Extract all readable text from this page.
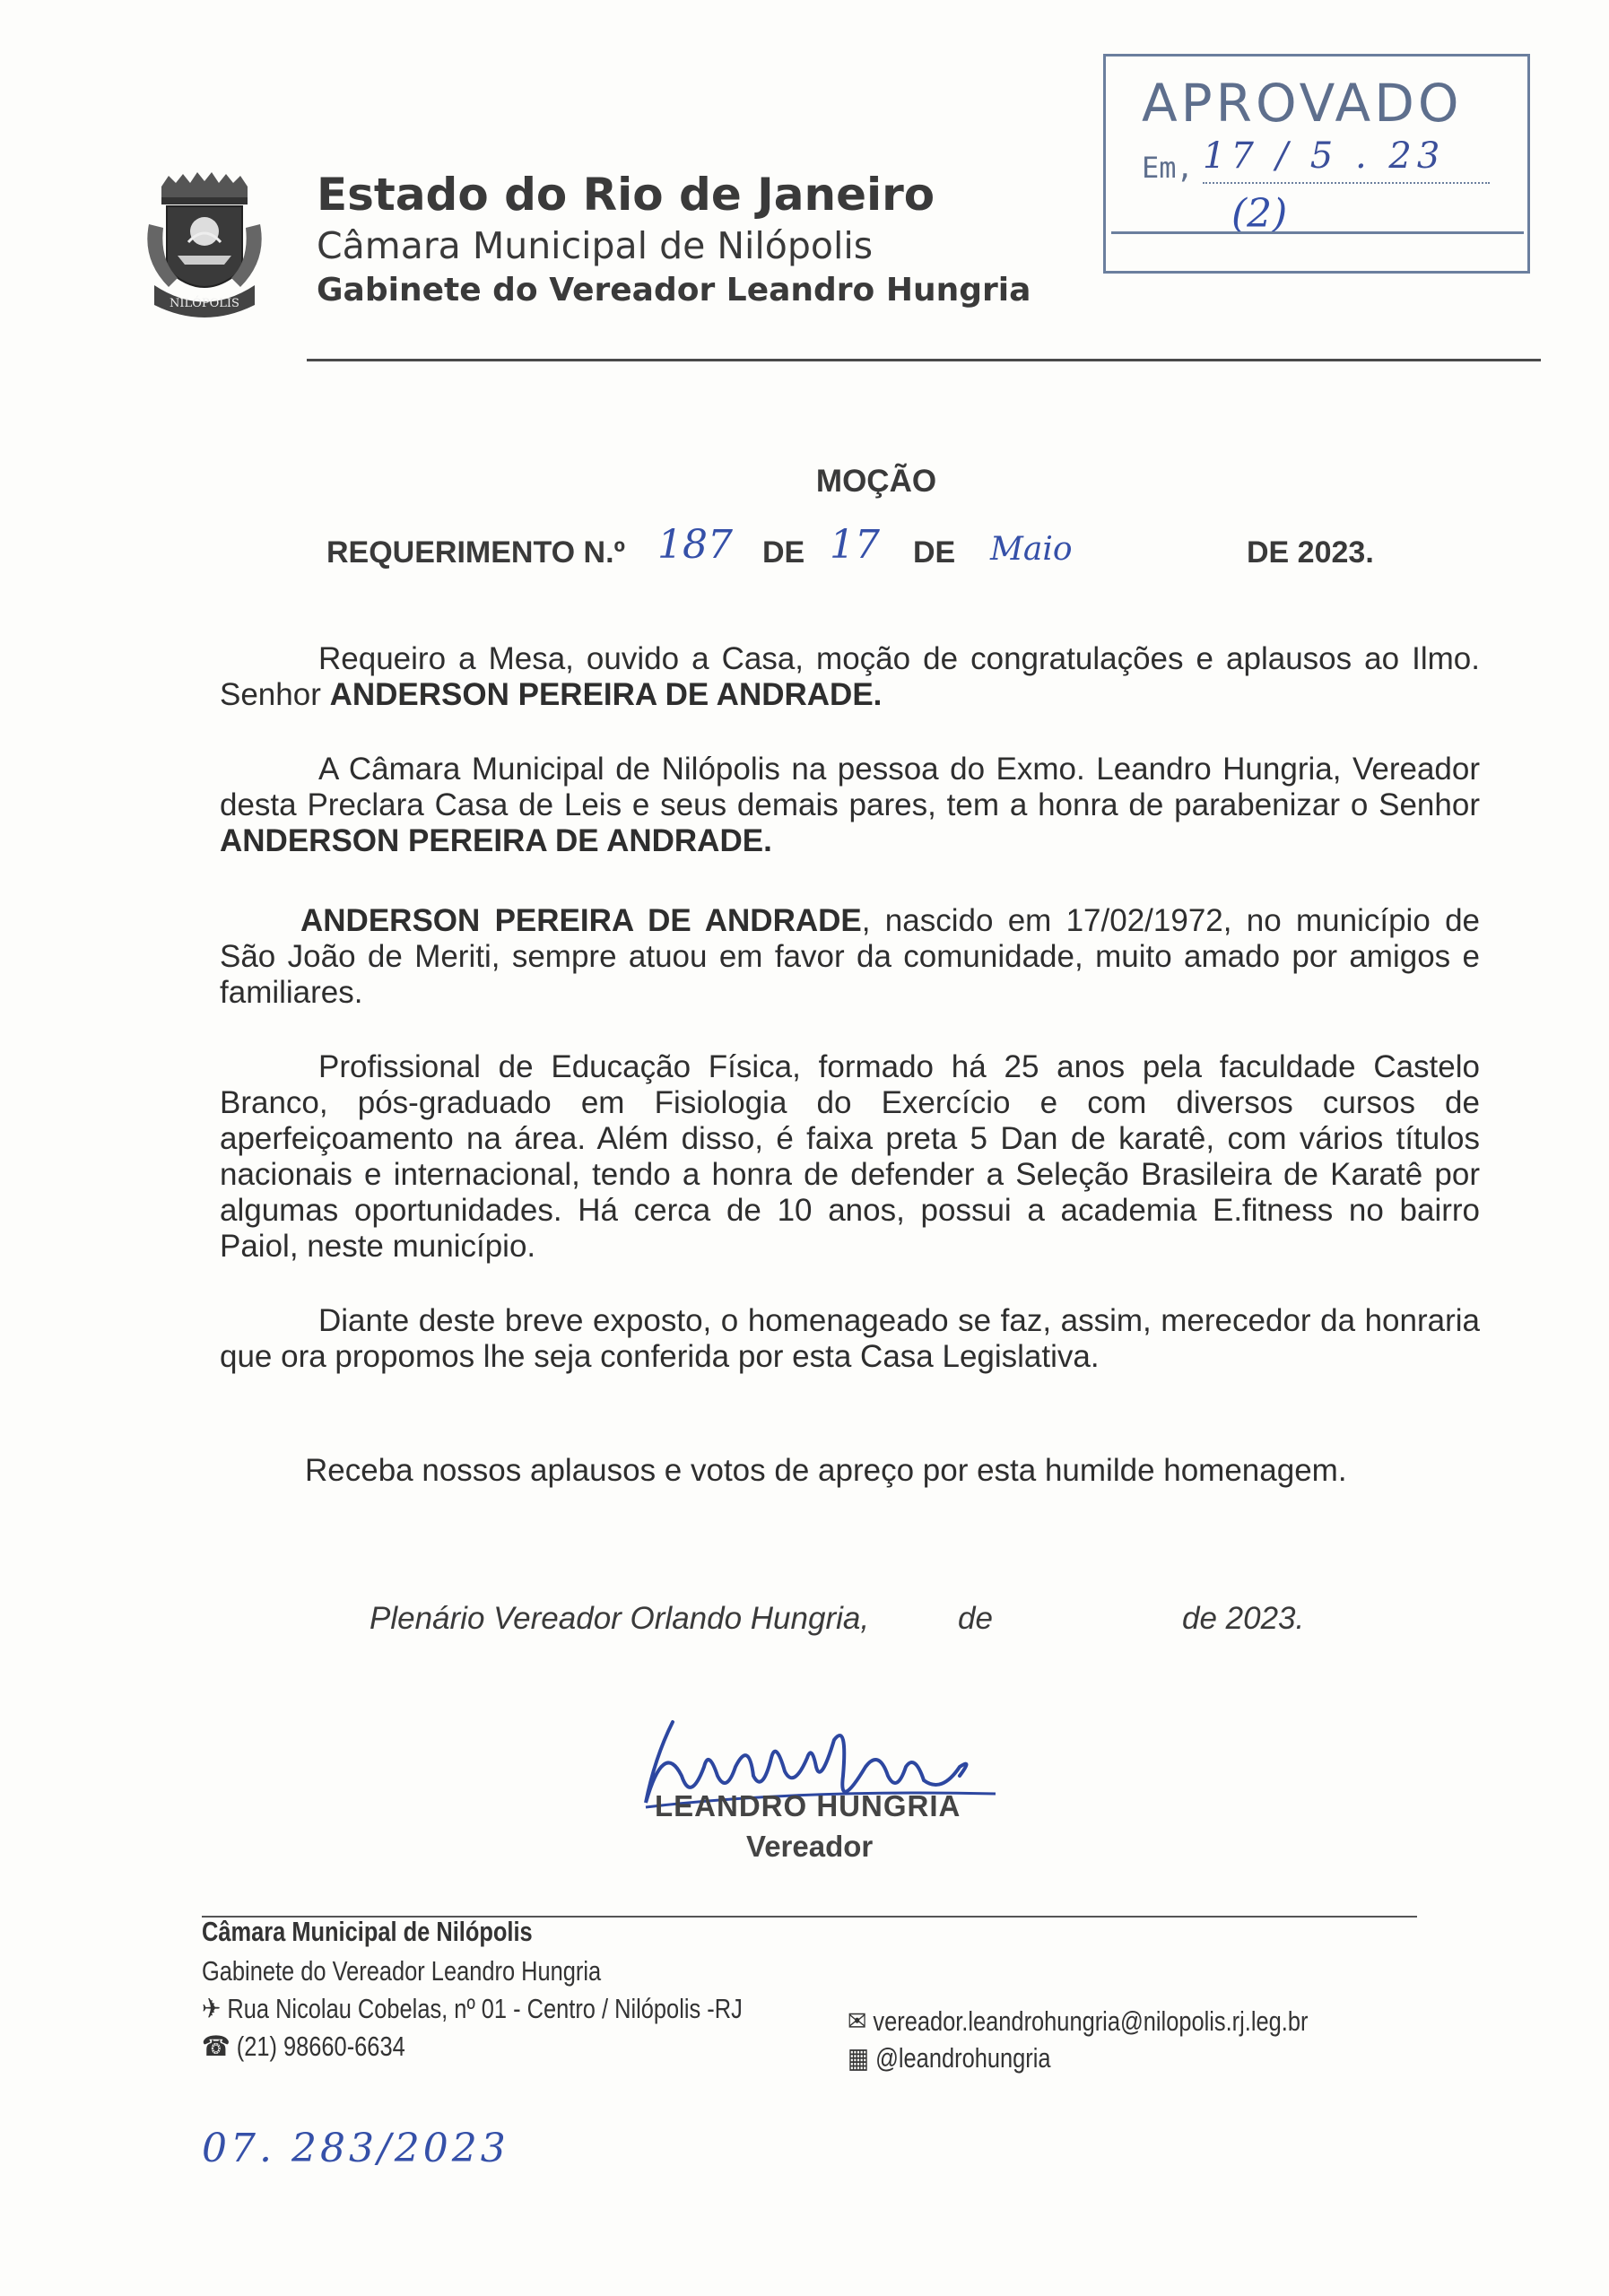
NILÓPOLIS
Estado do Rio de Janeiro
Câmara Municipal de Nilópolis
Gabinete do Vereador Leandro Hungria
APROVADO
Em, 17 / 5 . 23
(2)
MOÇÃO
REQUERIMENTO N.º 187 DE 17 DE Maio	DE 2023.
Requeiro a Mesa, ouvido a Casa, moção de congratulações e aplausos ao Ilmo. Senhor ANDERSON PEREIRA DE ANDRADE.
A Câmara Municipal de Nilópolis na pessoa do Exmo. Leandro Hungria, Vereador desta Preclara Casa de Leis e seus demais pares, tem a honra de parabenizar o Senhor ANDERSON PEREIRA DE ANDRADE.
ANDERSON PEREIRA DE ANDRADE, nascido em 17/02/1972, no município de São João de Meriti, sempre atuou em favor da comunidade, muito amado por amigos e familiares.
Profissional de Educação Física, formado há 25 anos pela faculdade Castelo Branco, pós-graduado em Fisiologia do Exercício e com diversos cursos de aperfeiçoamento na área. Além disso, é faixa preta 5 Dan de karatê, com vários títulos nacionais e internacional, tendo a honra de defender a Seleção Brasileira de Karatê por algumas oportunidades. Há cerca de 10 anos, possui a academia E.fitness no bairro Paiol, neste município.
Diante deste breve exposto, o homenageado se faz, assim, merecedor da honraria que ora propomos lhe seja conferida por esta Casa Legislativa.
Receba nossos aplausos e votos de apreço por esta humilde homenagem.
Plenário Vereador Orlando Hungria,	de	de 2023.
LEANDRO HUNGRIA
Vereador
Câmara Municipal de Nilópolis
Gabinete do Vereador Leandro Hungria
✈ Rua Nicolau Cobelas, nº 01 - Centro / Nilópolis -RJ
☎ (21) 98660-6634
✉ vereador.leandrohungria@nilopolis.rj.leg.br
▦ @leandrohungria
07. 283/2023
